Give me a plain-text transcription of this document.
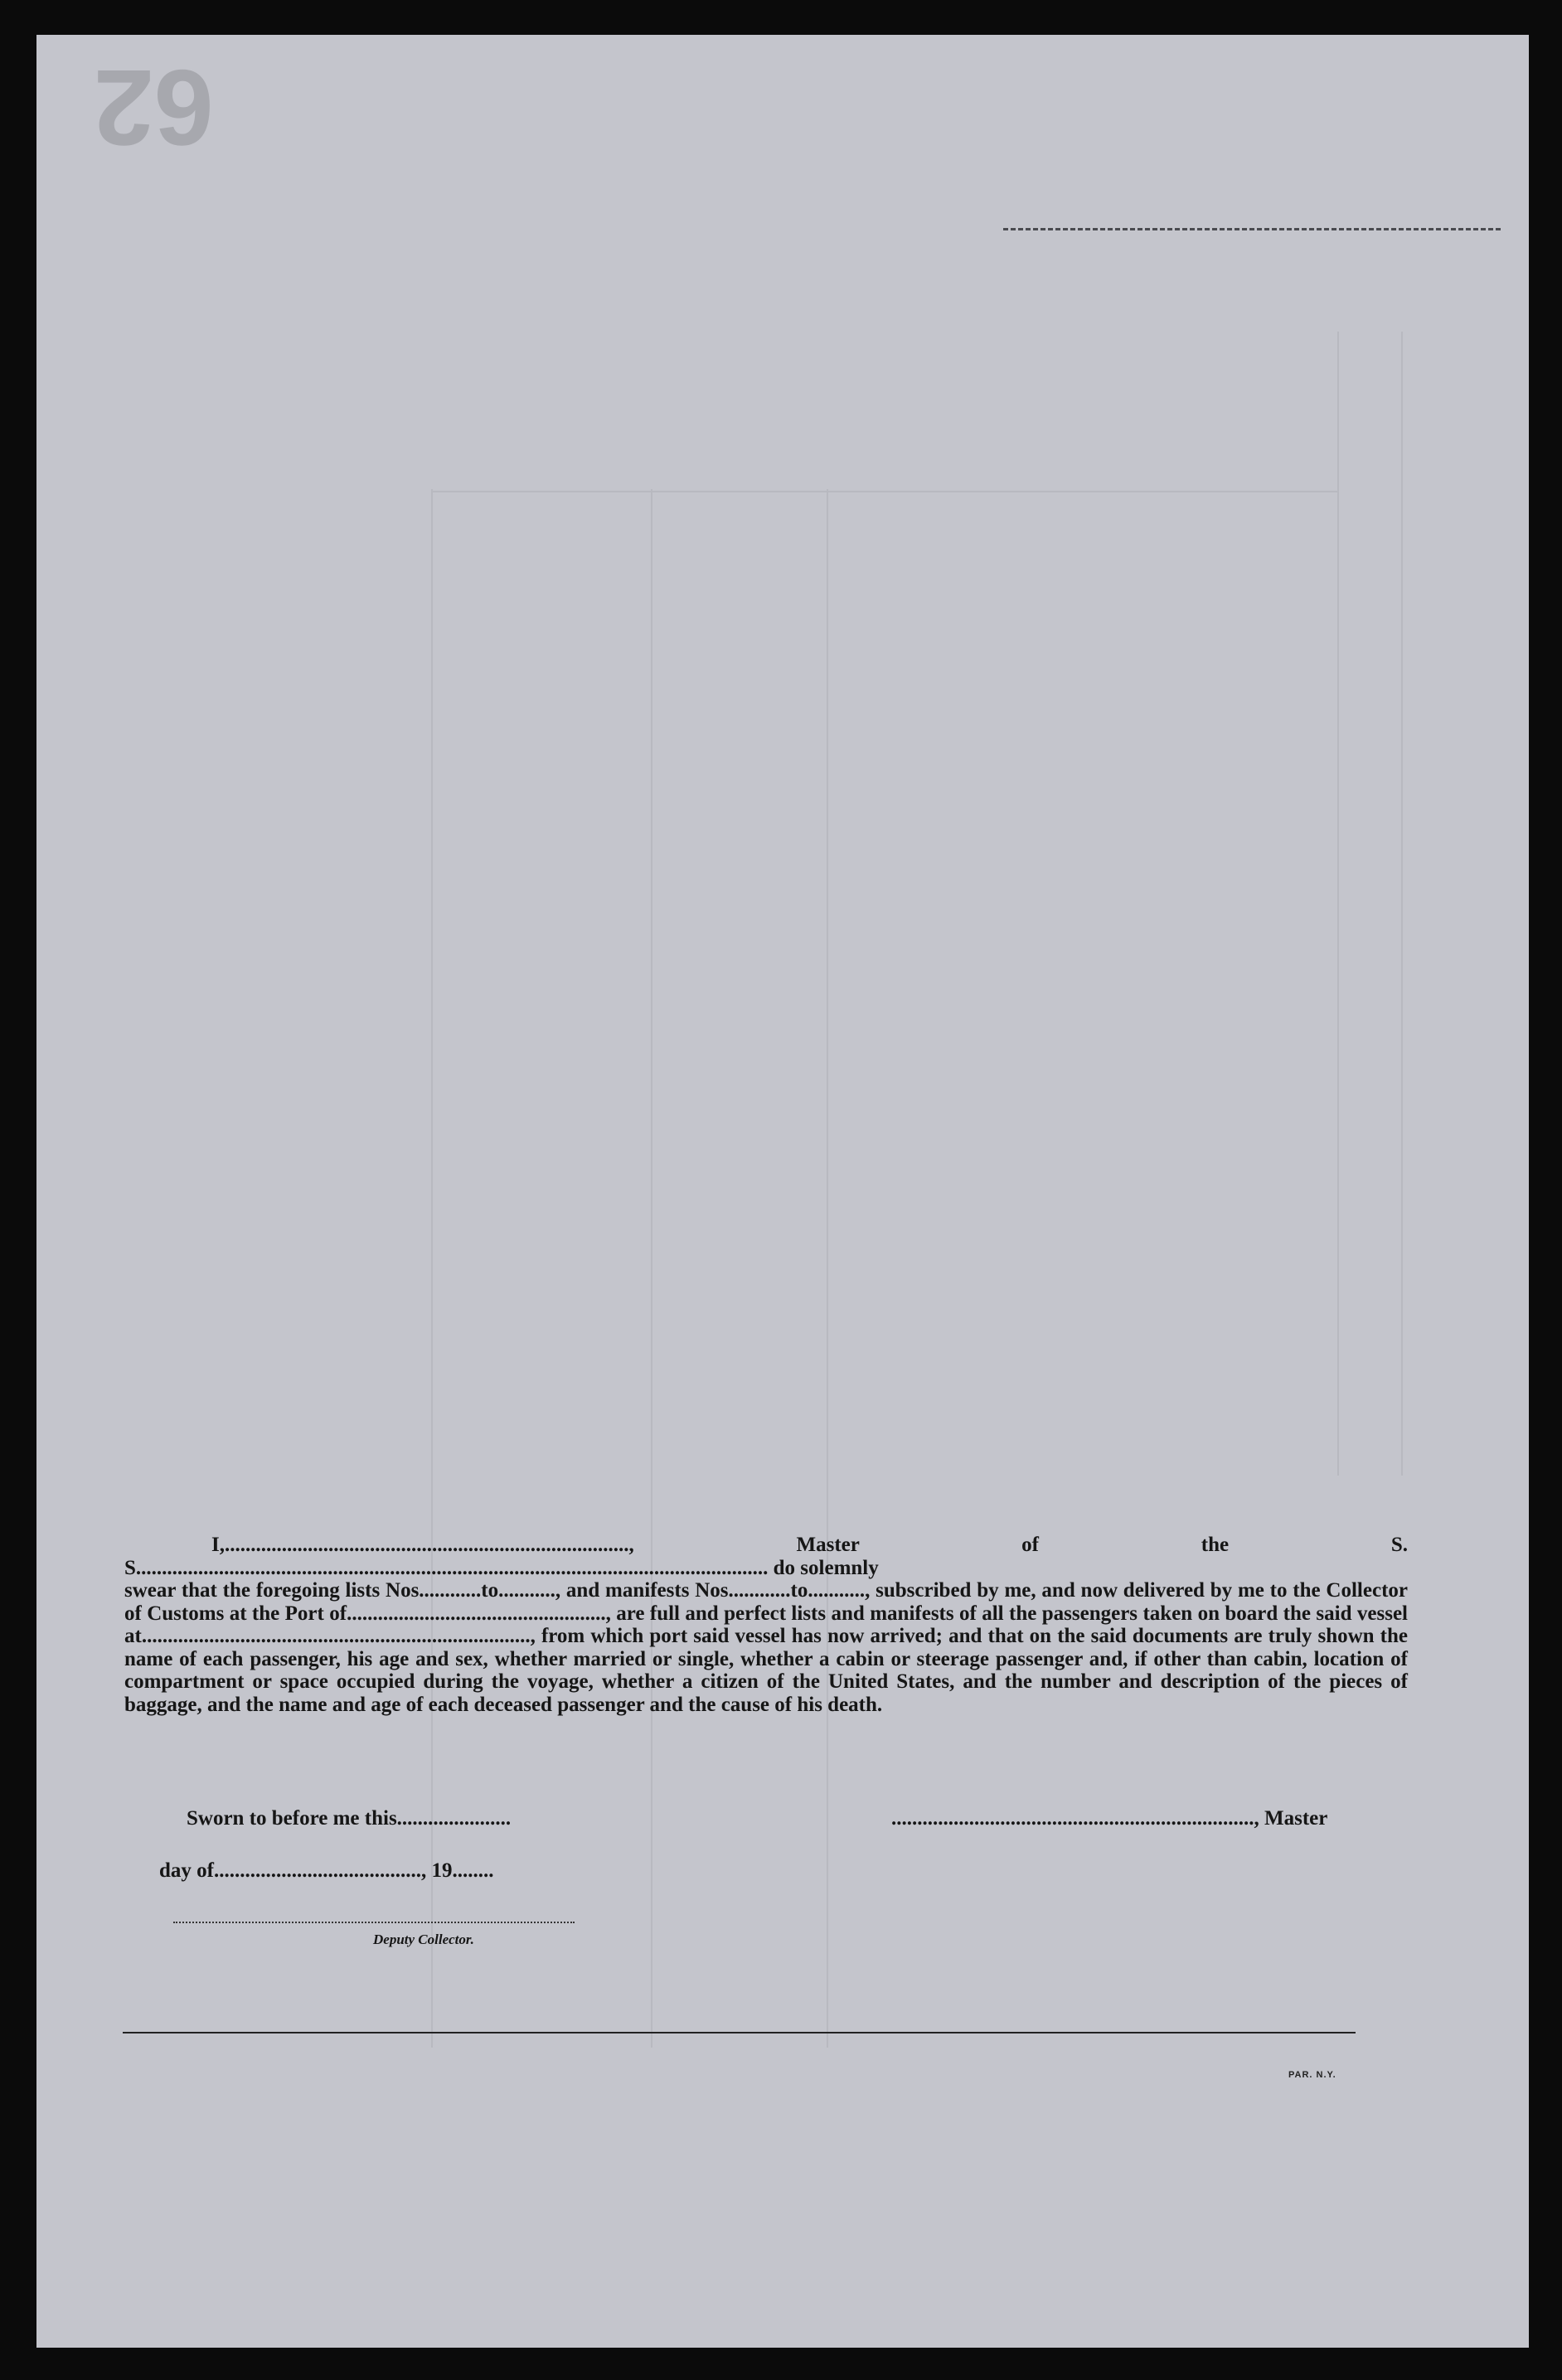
62

I,.............................................................................., Master of the S. S.......................................................................................................................... do solemnly

swear that the foregoing lists Nos............to..........., and manifests Nos............to..........., subscribed by me, and now delivered by me to the Collector of Customs at the Port of.................................................., are full and perfect lists and manifests of all the passengers taken on board the said vessel at..........................................................................., from which port said vessel has now arrived; and that on the said documents are truly shown the name of each passenger, his age and sex, whether married or single, whether a cabin or steerage passenger and, if other than cabin, location of compartment or space occupied during the voyage, whether a citizen of the United States, and the number and description of the pieces of baggage, and the name and age of each deceased passenger and the cause of his death.
Sworn to before me this......................	......................................................................, Master
day of........................................, 19........
Deputy Collector.
PAR. N.Y.
